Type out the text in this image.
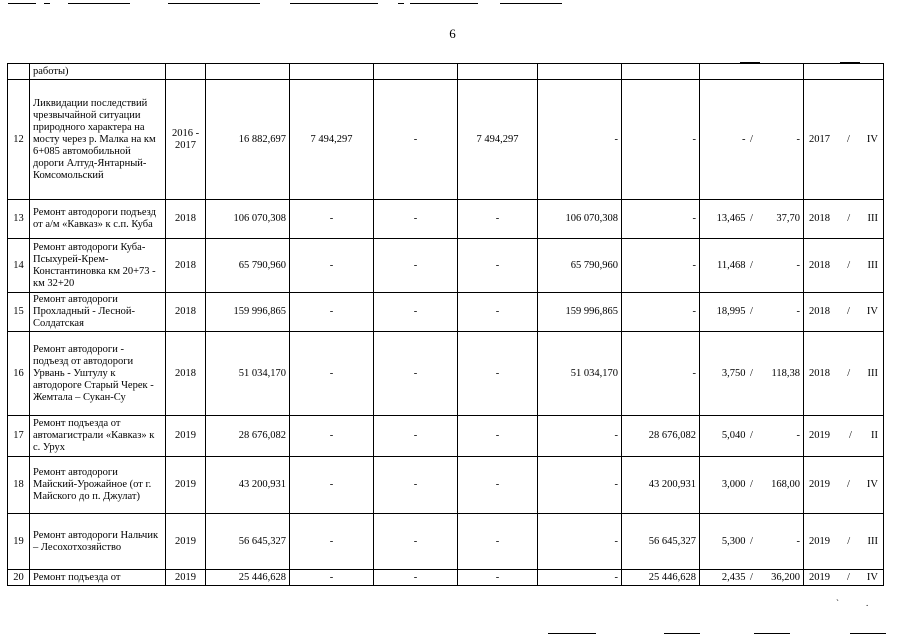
6
	работы)									
12	Ликвидации последствий чрезвычайной ситуации природного характера на мосту через р. Малка на км 6+085 автомобильной дороги Алтуд-Янтарный-Комсомольский	2016 - 2017	16 882,697	7 494,297	-	7 494,297	-	-	- / -	2017 / IV

13	Ремонт автодороги подъезд от а/м «Кавказ» к с.п. Куба	2018	106 070,308	-	-	-	106 070,308	-	13,465 / 37,70	2018 / III

14	Ремонт автодороги Куба-Псыхурей-Крем-Константиновка км 20+73 - км 32+20	2018	65 790,960	-	-	-	65 790,960	-	11,468 / -	2018 / III

15	Ремонт автодороги Прохладный - Лесной-Солдатская	2018	159 996,865	-	-	-	159 996,865	-	18,995 / -	2018 / IV

16	Ремонт автодороги - подъезд от автодороги Урвань - Уштулу к автодороге Старый Черек - Жемтала – Сукан-Су	2018	51 034,170	-	-	-	51 034,170	-	3,750 / 118,38	2018 / III

17	Ремонт подъезда от автомагистрали «Кавказ» к с. Урух	2019	28 676,082	-	-	-	-	28 676,082	5,040 / -	2019 / II

18	Ремонт автодороги Майский-Урожайное (от г. Майского до п. Джулат)	2019	43 200,931	-	-	-	-	43 200,931	3,000 / 168,00	2019 / IV

19	Ремонт автодороги Нальчик – Лесохотхозяйство	2019	56 645,327	-	-	-	-	56 645,327	5,300 / -	2019 / III

20	Ремонт подъезда от	2019	25 446,628	-	-	-	-	25 446,628	2,435 / 36,200	2019 / IV
`	.
